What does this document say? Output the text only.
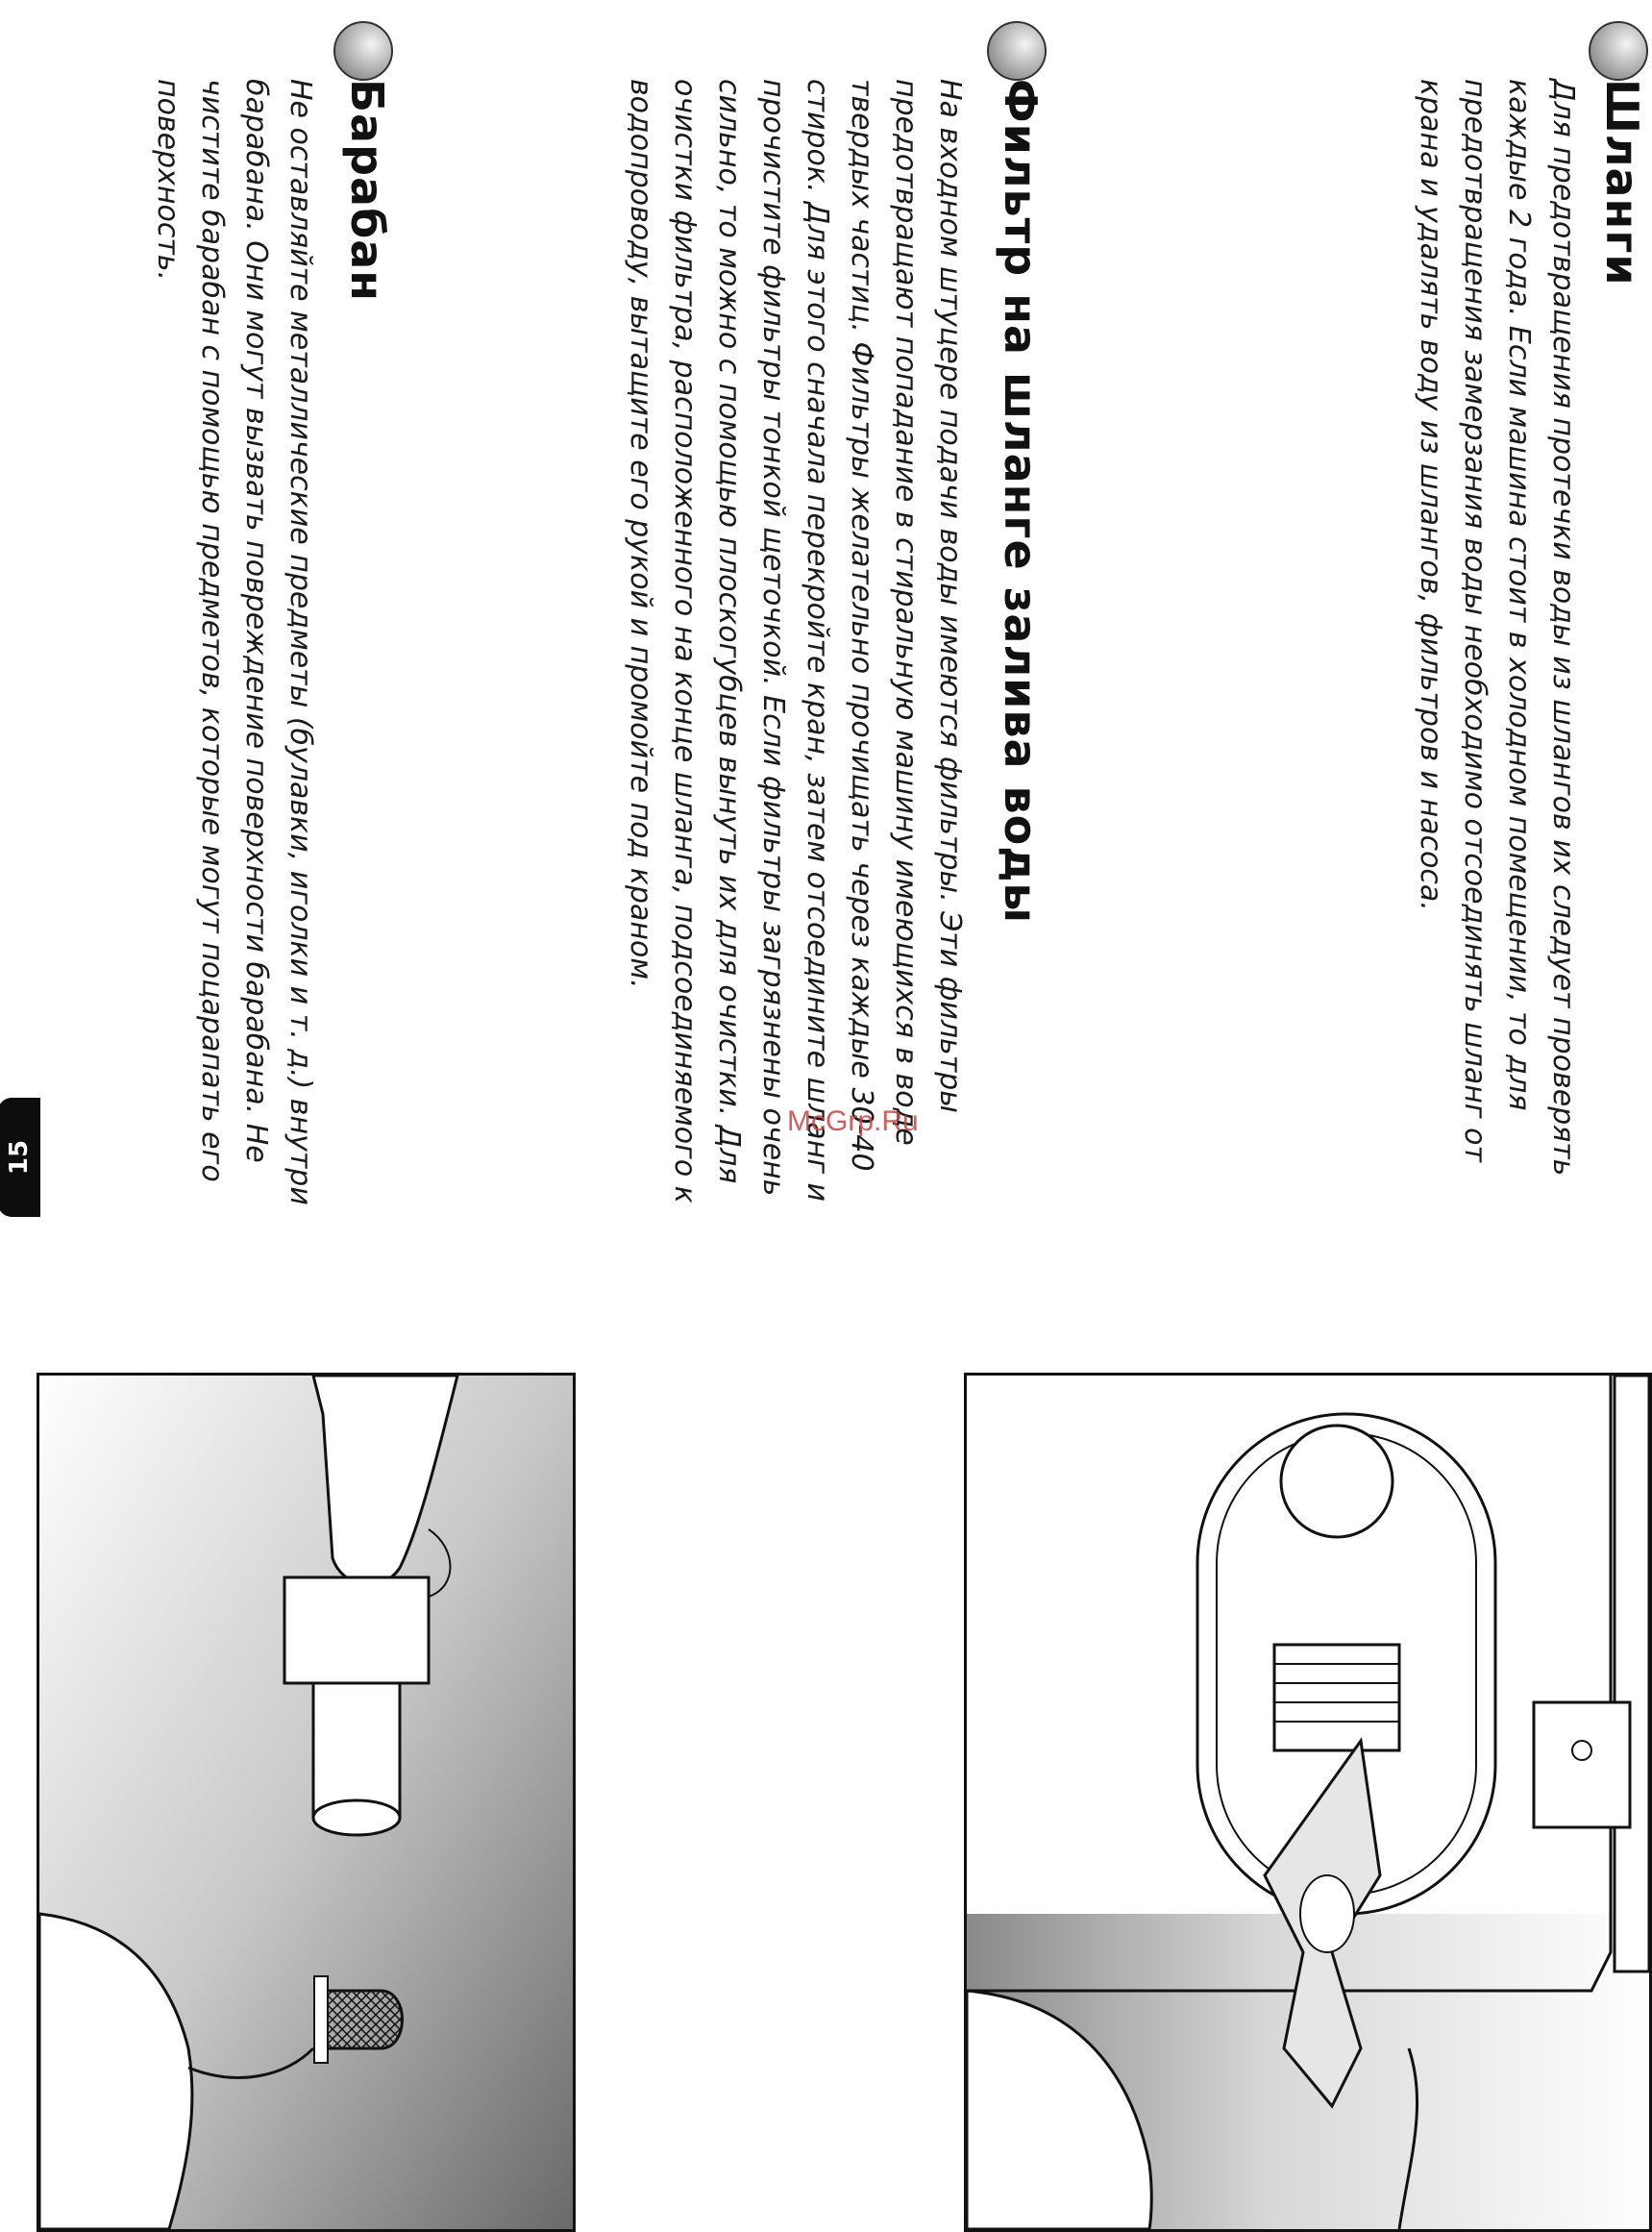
Шланги

Для предотвращения протечки воды из шлангов их следует проверять каждые 2 года. Если машина стоит в холодном помещении, то для предотвращения замерзания воды необходимо отсоединять шланг от крана и удалять воду из шлангов, фильтров и насоса.

Фильтр на шланге залива воды

На входном штуцере подачи воды имеются фильтры. Эти фильтры предотвращают попадание в стиральную машину имеющихся в воде твердых частиц. Фильтры желательно прочищать через каждые 30-40 стирок. Для этого сначала перекройте кран, затем отсоедините шланг и прочистите фильтры тонкой щеточкой. Если фильтры загрязнены очень сильно, то можно с помощью плоскогубцев вынуть их для очистки. Для очистки фильтра, расположенного на конце шланга, подсоединяемого к водопроводу, вытащите его рукой и промойте под краном.

Барабан

Не оставляйте металлические предметы (булавки, иголки и т. д.) внутри барабана. Они могут вызвать повреждение поверхности барабана. Не чистите барабан с помощью предметов, которые могут поцарапать его поверхность.

15
McGrp.Ru
